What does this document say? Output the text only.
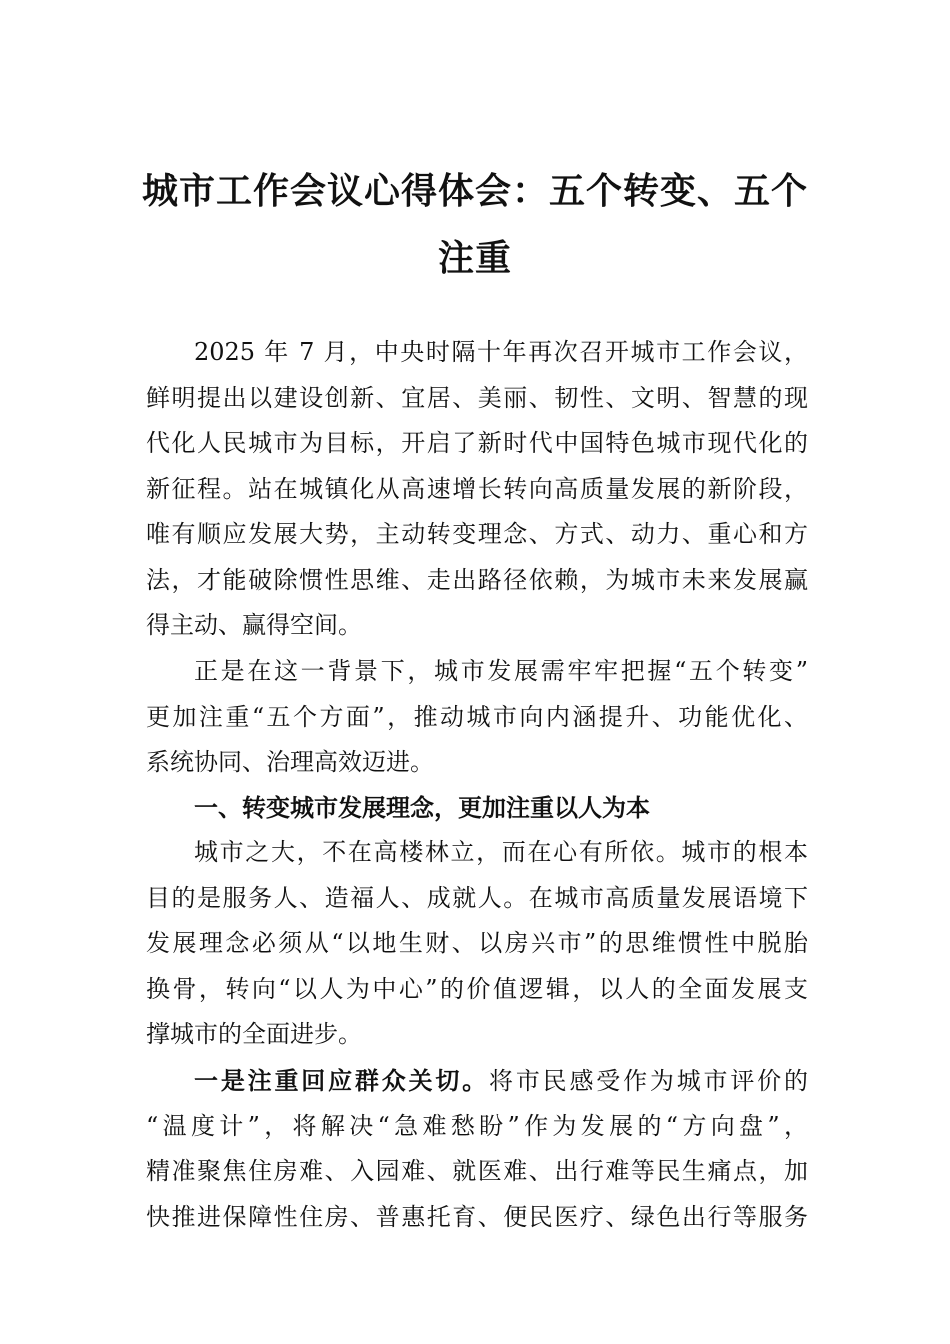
城市工作会议心得体会：五个转变、五个
注重
2025 年 7 月，中央时隔十年再次召开城市工作会议，
鲜明提出以建设创新、宜居、美丽、韧性、文明、智慧的现
代化人民城市为目标，开启了新时代中国特色城市现代化的
新征程。站在城镇化从高速增长转向高质量发展的新阶段，
唯有顺应发展大势，主动转变理念、方式、动力、重心和方
法，才能破除惯性思维、走出路径依赖，为城市未来发展赢
得主动、赢得空间。
正是在这一背景下，城市发展需牢牢把握“五个转变”
更加注重“五个方面”，推动城市向内涵提升、功能优化、
系统协同、治理高效迈进。
一、转变城市发展理念，更加注重以人为本
城市之大，不在高楼林立，而在心有所依。城市的根本
目的是服务人、造福人、成就人。在城市高质量发展语境下
发展理念必须从“以地生财、以房兴市”的思维惯性中脱胎
换骨，转向“以人为中心”的价值逻辑，以人的全面发展支
撑城市的全面进步。
一是注重回应群众关切。将市民感受作为城市评价的
“温度计”，将解决“急难愁盼”作为发展的“方向盘”，
精准聚焦住房难、入园难、就医难、出行难等民生痛点，加
快推进保障性住房、普惠托育、便民医疗、绿色出行等服务
